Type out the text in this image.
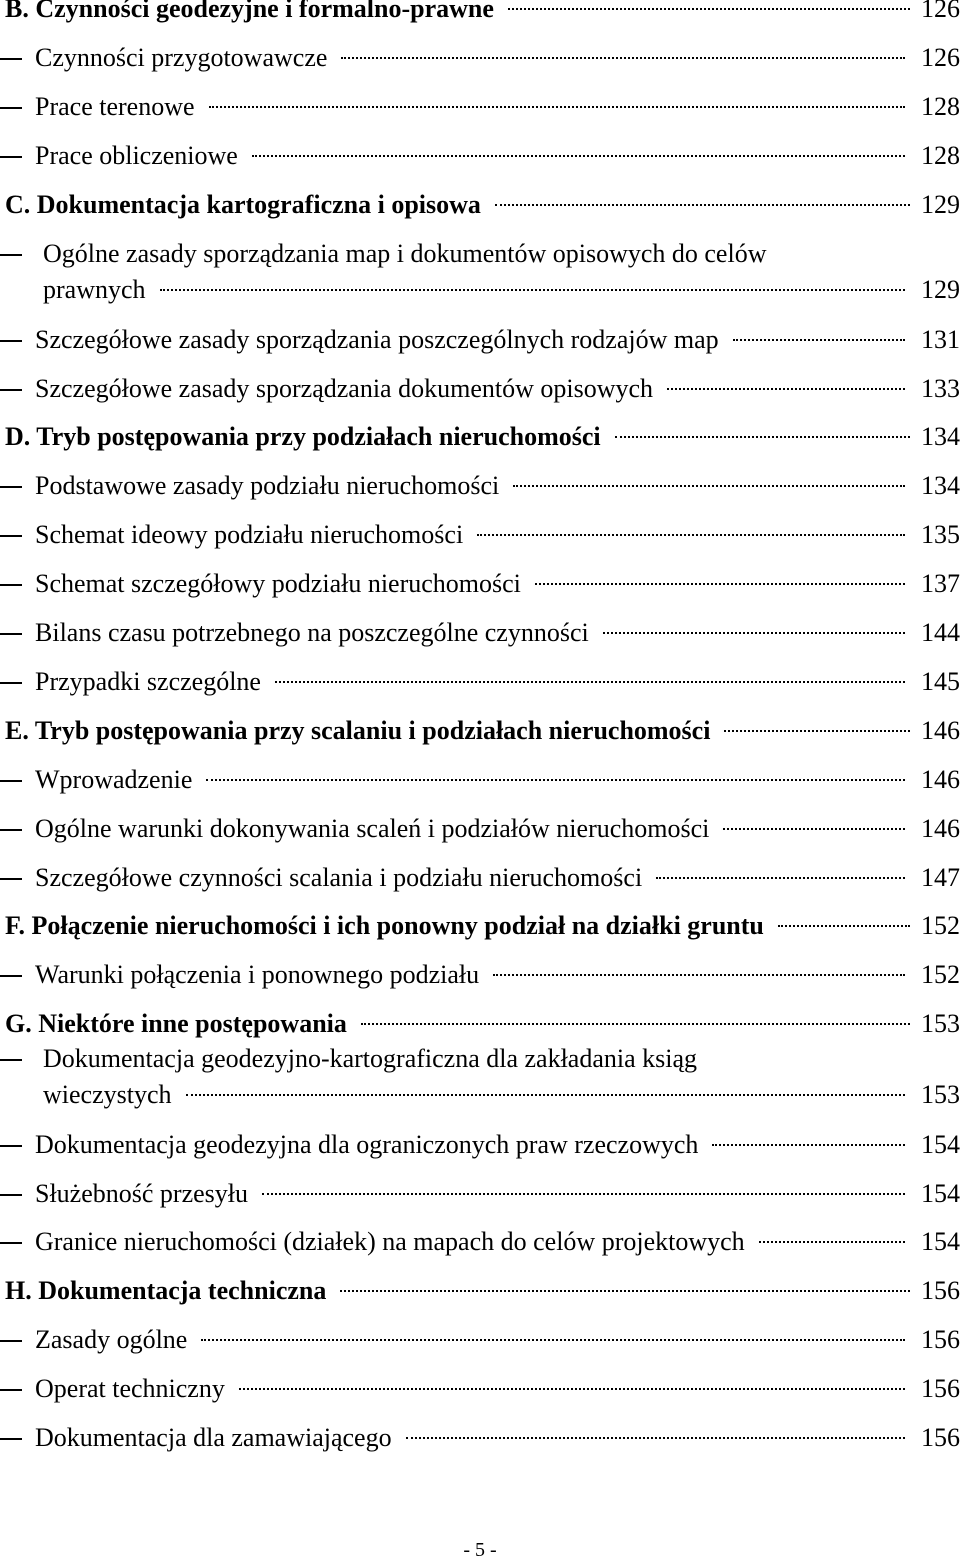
B. Czynności geodezyjne i formalno-prawne	126
Czynności przygotowawcze	126
Prace terenowe	128
Prace obliczeniowe	128
C. Dokumentacja kartograficzna i opisowa	129
Ogólne zasady sporządzania map i dokumentów opisowych do celów
prawnych	129
Szczegółowe zasady sporządzania poszczególnych rodzajów map	131
Szczegółowe zasady sporządzania dokumentów opisowych	133
D. Tryb postępowania przy podziałach nieruchomości	134
Podstawowe zasady podziału nieruchomości	134
Schemat ideowy podziału nieruchomości	135
Schemat szczegółowy podziału nieruchomości	137
Bilans czasu potrzebnego na poszczególne czynności	144
Przypadki szczególne	145
E. Tryb postępowania przy scalaniu i podziałach nieruchomości	146
Wprowadzenie	146
Ogólne warunki dokonywania scaleń i podziałów nieruchomości	146
Szczegółowe czynności scalania i podziału nieruchomości	147
F. Połączenie nieruchomości i ich ponowny podział na działki gruntu	152
Warunki połączenia i ponownego podziału	152
G. Niektóre inne postępowania	153
Dokumentacja geodezyjno-kartograficzna dla zakładania ksiąg
wieczystych	153
Dokumentacja geodezyjna dla ograniczonych praw rzeczowych	154
Służebność przesyłu	154
Granice nieruchomości (działek) na mapach do celów projektowych	154
H. Dokumentacja techniczna	156
Zasady ogólne	156
Operat techniczny	156
Dokumentacja dla zamawiającego	156
- 5 -
